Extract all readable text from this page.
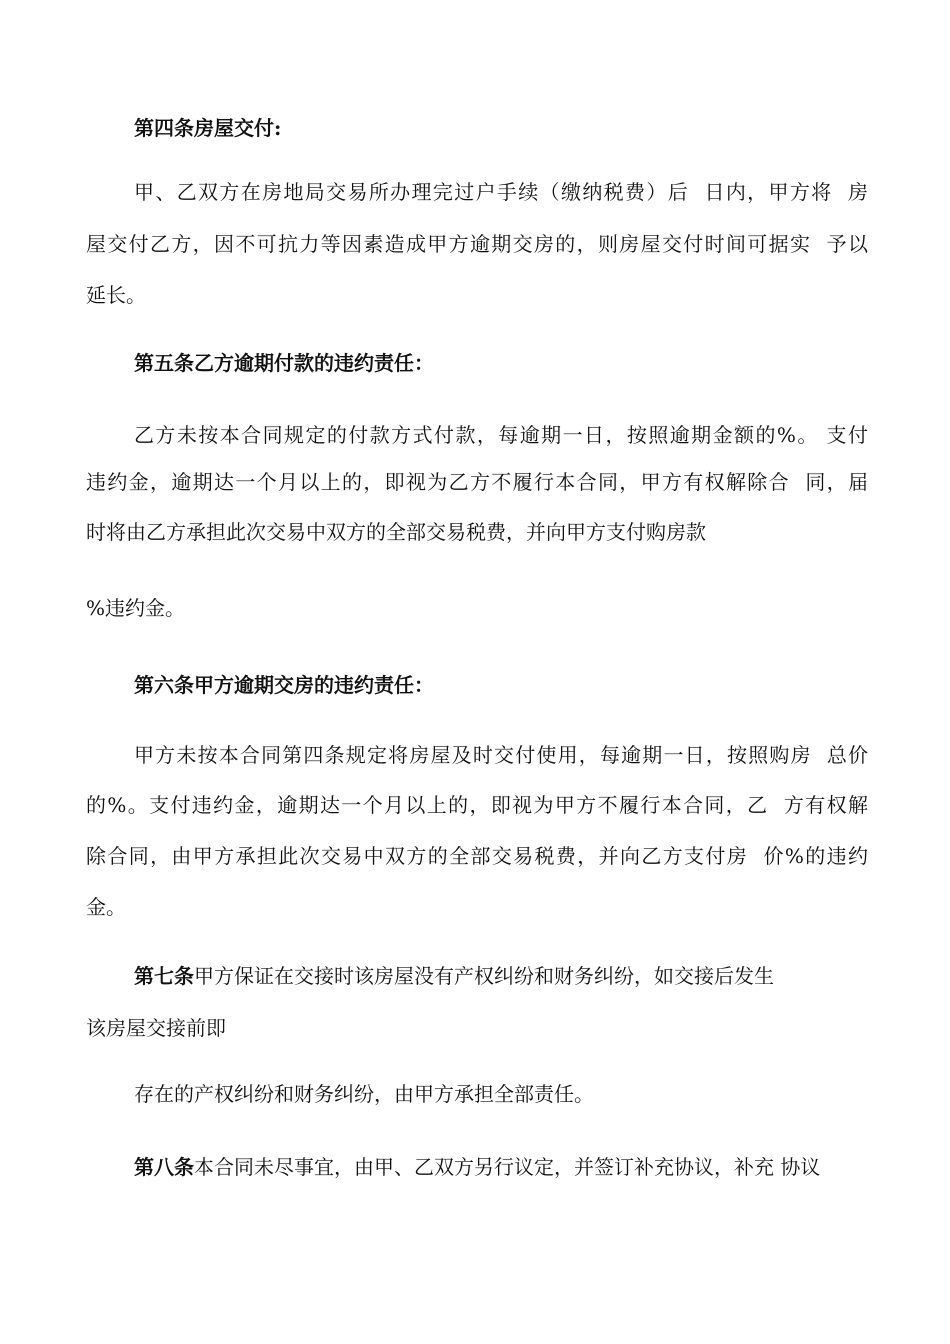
第四条房屋交付:
甲、乙双方在房地局交易所办理完过户手续（缴纳税费）后  日内，甲方将  房
屋交付乙方，因不可抗力等因素造成甲方逾期交房的，则房屋交付时间可据实  予以
延长。
第五条乙方逾期付款的违约责任：
乙方未按本合同规定的付款方式付款，每逾期一日，按照逾期金额的%。 支付
违约金，逾期达一个月以上的，即视为乙方不履行本合同，甲方有权解除合  同，届
时将由乙方承担此次交易中双方的全部交易税费，并向甲方支付购房款
%违约金。
第六条甲方逾期交房的违约责任：
甲方未按本合同第四条规定将房屋及时交付使用，每逾期一日，按照购房  总价
的%。支付违约金，逾期达一个月以上的，即视为甲方不履行本合同，乙  方有权解
除合同，由甲方承担此次交易中双方的全部交易税费，并向乙方支付房  价%的违约
金。
第七条甲方保证在交接时该房屋没有产权纠纷和财务纠纷，如交接后发生
该房屋交接前即
存在的产权纠纷和财务纠纷，由甲方承担全部责任。
第八条本合同未尽事宜，由甲、乙双方另行议定，并签订补充协议，补充 协议
